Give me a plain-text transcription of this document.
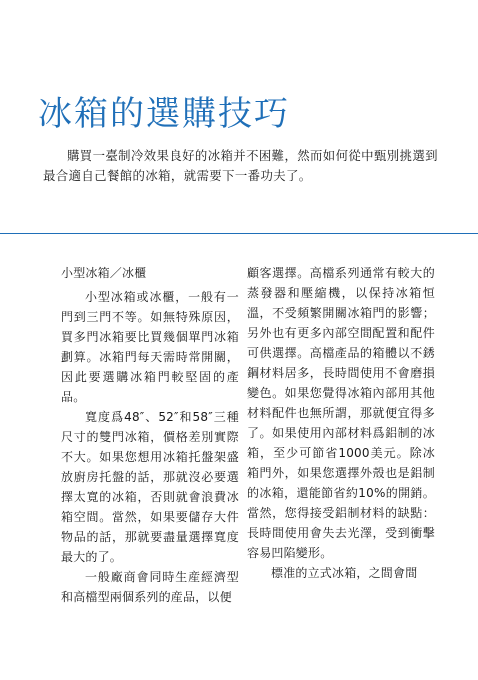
冰箱的選購技巧

購買一臺制冷效果良好的冰箱并不困難，然而如何從中甄別挑選到最合適自己餐館的冰箱，就需要下一番功夫了。

小型冰箱／冰櫃

小型冰箱或冰櫃，一般有一門到三門不等。如無特殊原因，買多門冰箱要比買幾個單門冰箱劃算。冰箱門每天需時常開關，因此要選購冰箱門較堅固的產品。

寬度爲48″、52″和58″三種尺寸的雙門冰箱，價格差別實際不大。如果您想用冰箱托盤架盛放廚房托盤的話，那就沒必要選擇太寬的冰箱，否則就會浪費冰箱空間。當然，如果要儲存大件物品的話，那就要盡量選擇寬度最大的了。

一般廠商會同時生産經濟型和高檔型兩個系列的産品，以便

顧客選擇。高檔系列通常有較大的蒸發器和壓縮機，以保持冰箱恒溫，不受頻繁開關冰箱門的影響；另外也有更多內部空間配置和配件可供選擇。高檔產品的箱體以不銹鋼材料居多，長時間使用不會磨損變色。如果您覺得冰箱內部用其他材料配件也無所謂，那就便宜得多了。如果使用內部材料爲鋁制的冰箱，至少可節省1000美元。除冰箱門外，如果您選擇外殼也是鋁制的冰箱，還能節省約10%的開銷。當然，您得接受鋁制材料的缺點：長時間使用會失去光澤，受到衝擊容易凹陷變形。

標准的立式冰箱，之間會間
